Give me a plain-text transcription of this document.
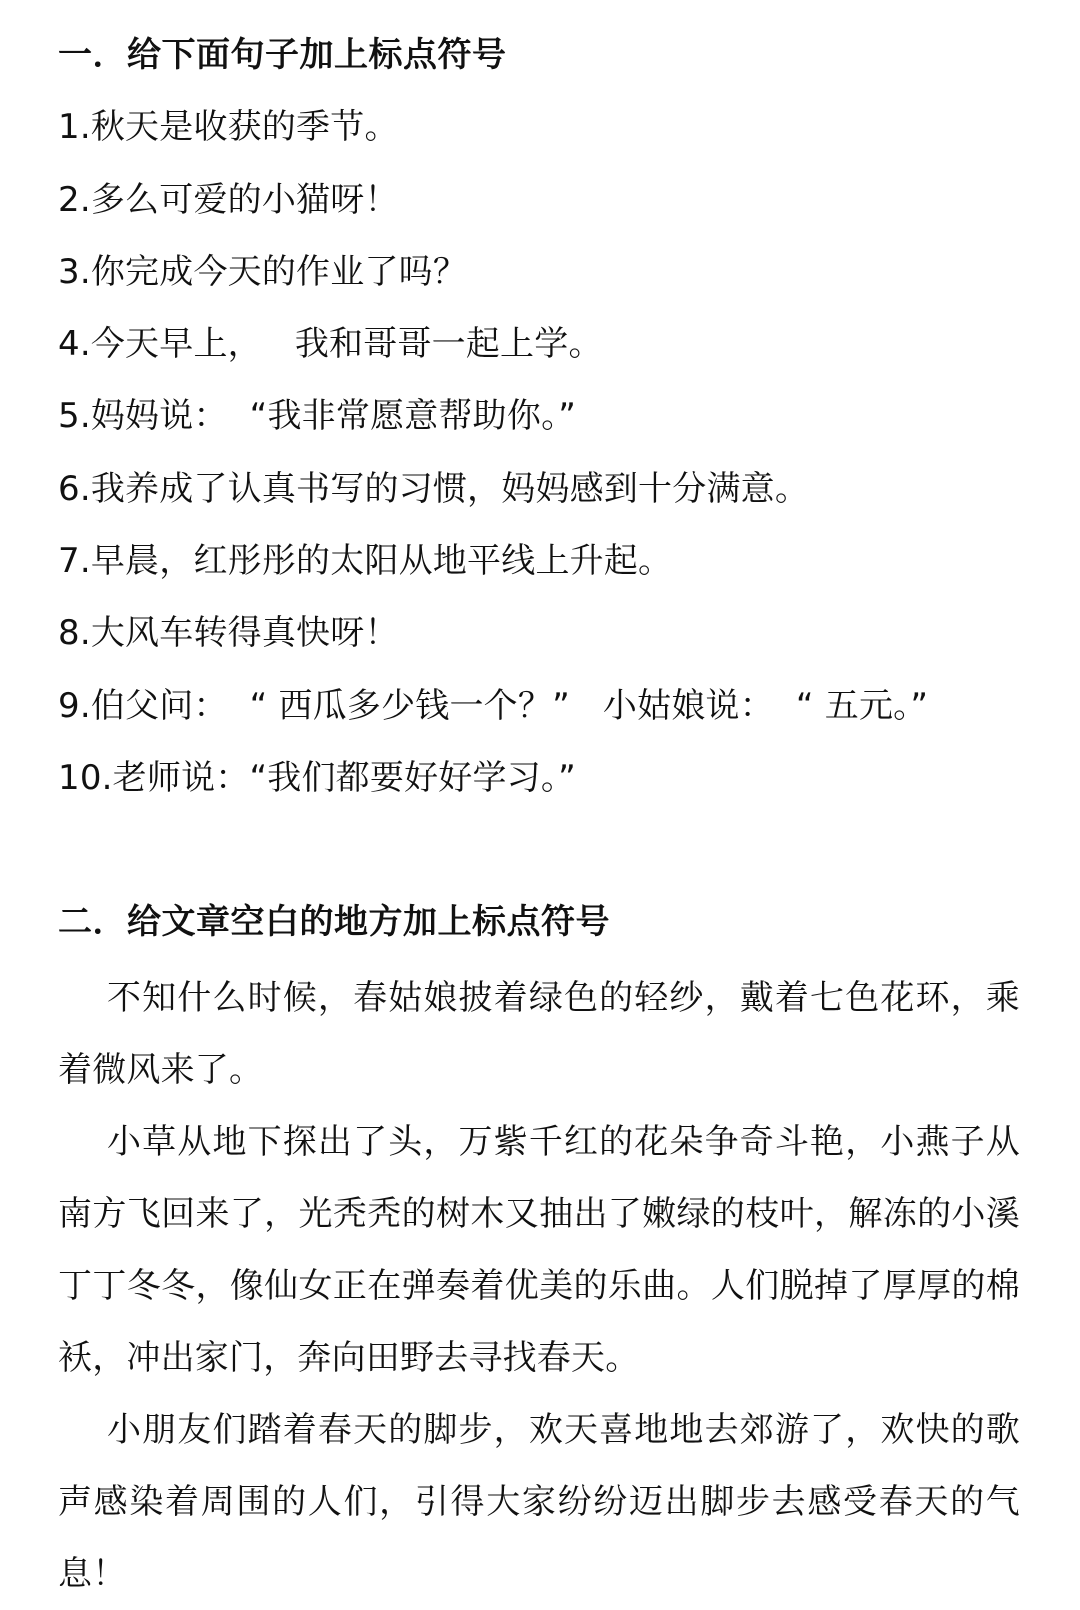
一．给下面句子加上标点符号
1.秋天是收获的季节。
2.多么可爱的小猫呀！
3.你完成今天的作业了吗？
4.今天早上，   我和哥哥一起上学。
5.妈妈说：  “我非常愿意帮助你。”
6.我养成了认真书写的习惯，妈妈感到十分满意。
7.早晨，红彤彤的太阳从地平线上升起。
8.大风车转得真快呀！
9.伯父问：  “ 西瓜多少钱一个？”   小姑娘说：  “ 五元。”
10.老师说：“我们都要好好学习。”
二．给文章空白的地方加上标点符号

不知什么时候，春姑娘披着绿色的轻纱，戴着七色花环，乘着微风来了。

小草从地下探出了头，万紫千红的花朵争奇斗艳，小燕子从南方飞回来了，光秃秃的树木又抽出了嫩绿的枝叶，解冻的小溪丁丁冬冬，像仙女正在弹奏着优美的乐曲。人们脱掉了厚厚的棉袄，冲出家门，奔向田野去寻找春天。

小朋友们踏着春天的脚步，欢天喜地地去郊游了，欢快的歌声感染着周围的人们，引得大家纷纷迈出脚步去感受春天的气息！
